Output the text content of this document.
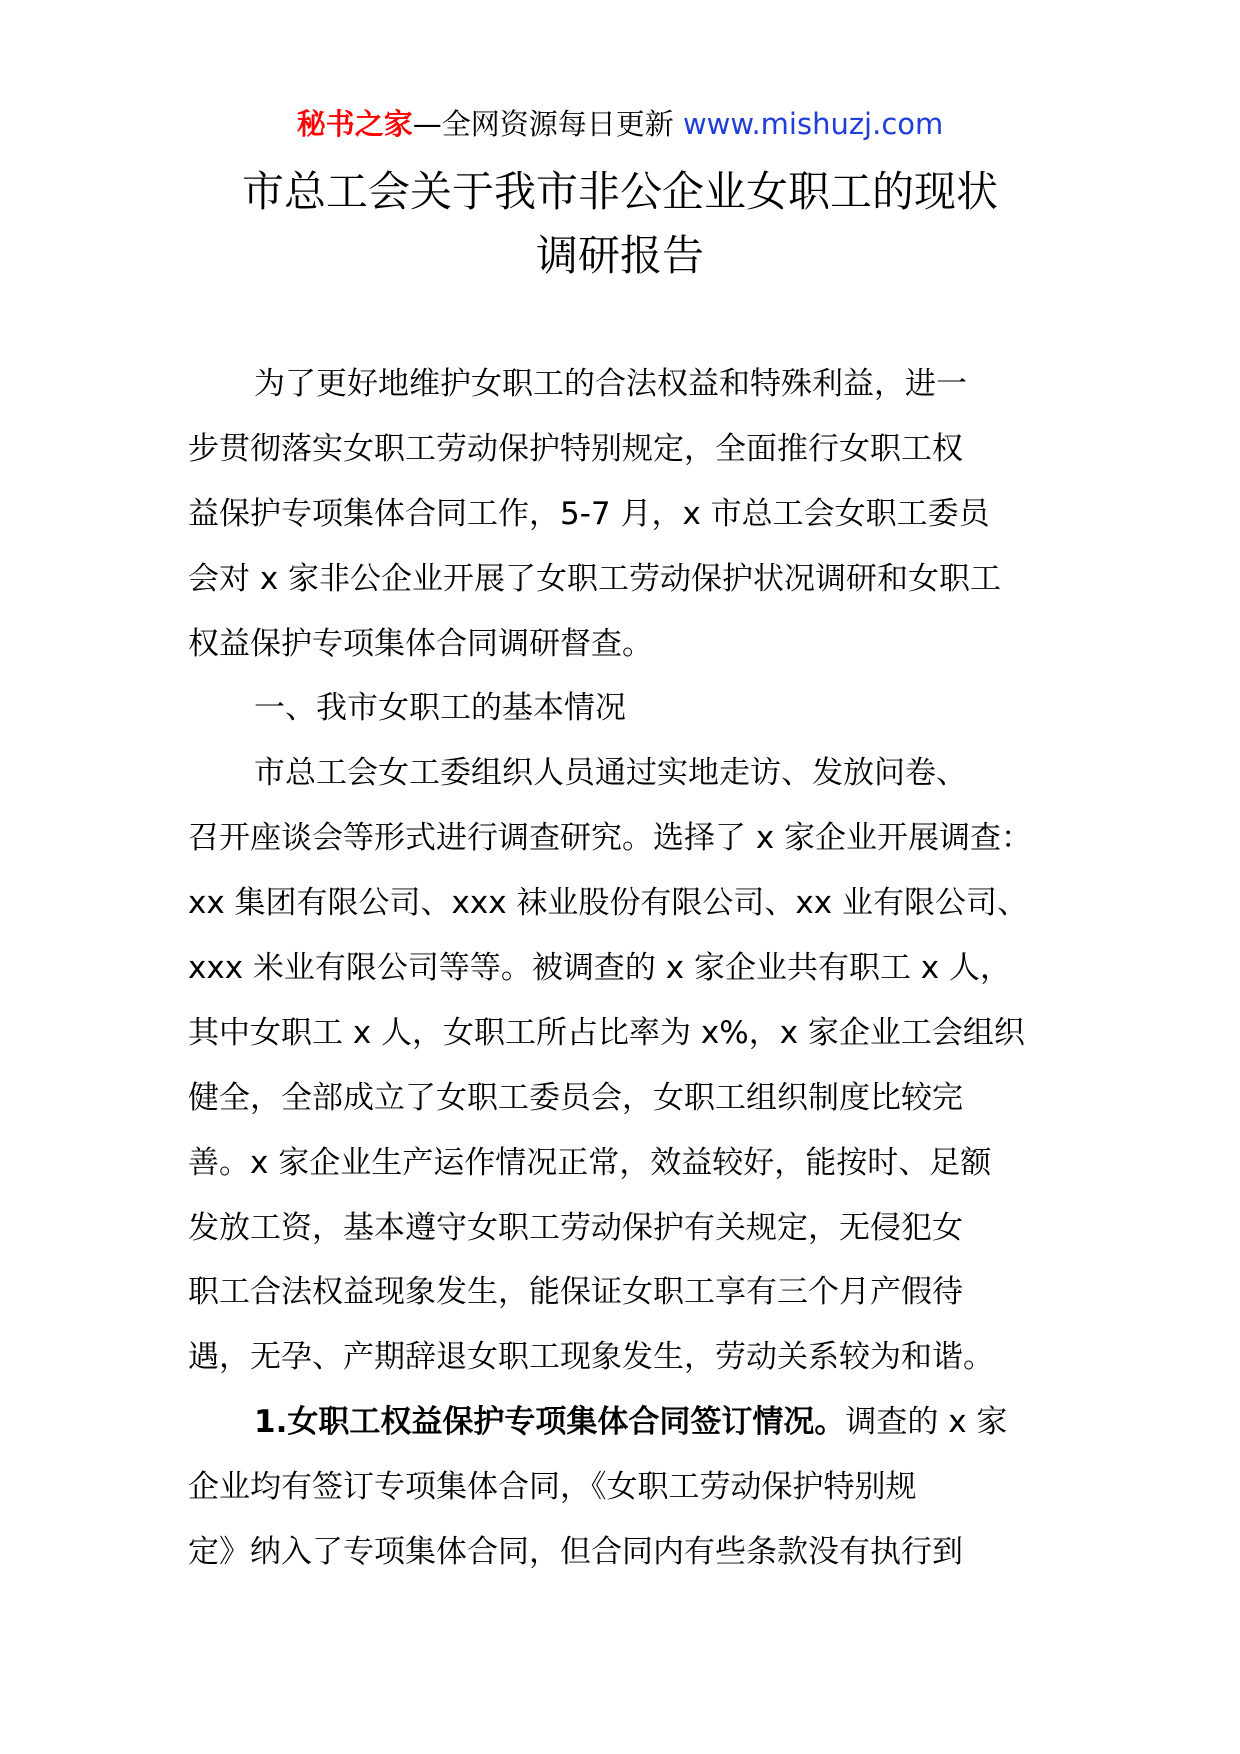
秘书之家—全网资源每日更新 www.mishuzj.com
市总工会关于我市非公企业女职工的现状
调研报告
为了更好地维护女职工的合法权益和特殊利益，进一
步贯彻落实女职工劳动保护特别规定，全面推行女职工权
益保护专项集体合同工作，5-7 月，x 市总工会女职工委员
会对 x 家非公企业开展了女职工劳动保护状况调研和女职工
权益保护专项集体合同调研督查。
一、我市女职工的基本情况
市总工会女工委组织人员通过实地走访、发放问卷、
召开座谈会等形式进行调查研究。选择了 x 家企业开展调查：
xx 集团有限公司、xxx 袜业股份有限公司、xx 业有限公司、
xxx 米业有限公司等等。被调查的 x 家企业共有职工 x 人，
其中女职工 x 人，女职工所占比率为 x%，x 家企业工会组织
健全，全部成立了女职工委员会，女职工组织制度比较完
善。x 家企业生产运作情况正常，效益较好，能按时、足额
发放工资，基本遵守女职工劳动保护有关规定，无侵犯女
职工合法权益现象发生，能保证女职工享有三个月产假待
遇，无孕、产期辞退女职工现象发生，劳动关系较为和谐。
1.女职工权益保护专项集体合同签订情况。调查的 x 家
企业均有签订专项集体合同，《女职工劳动保护特别规
定》纳入了专项集体合同，但合同内有些条款没有执行到
